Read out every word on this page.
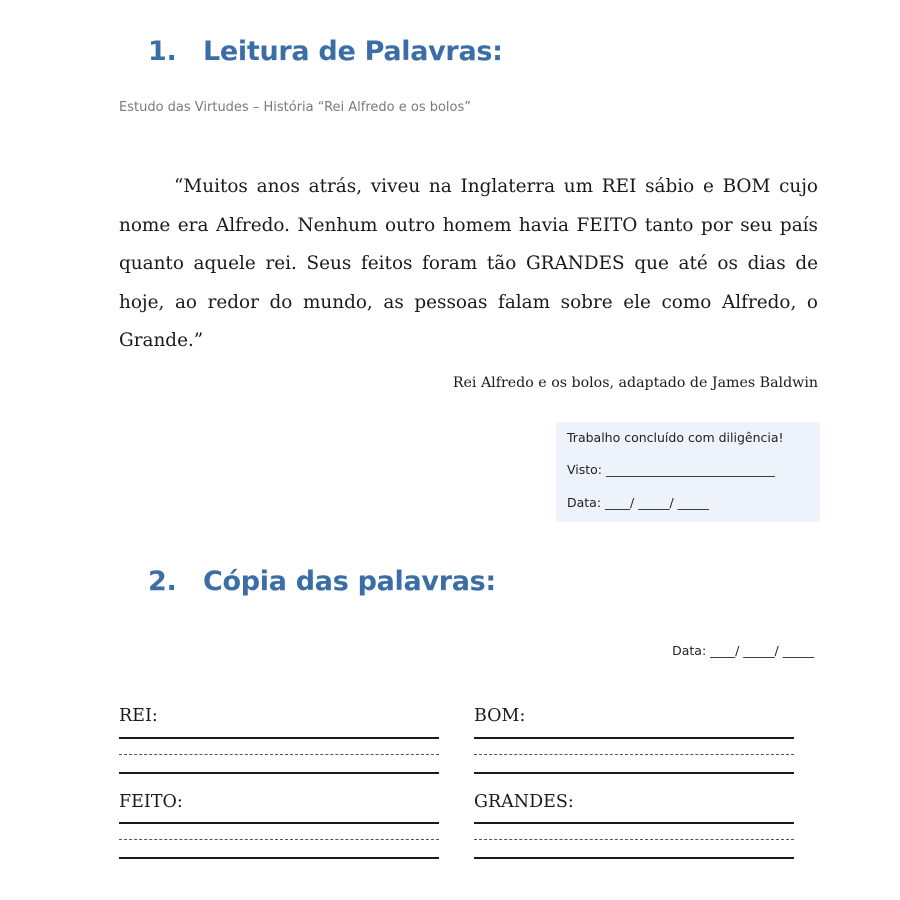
1. Leitura de Palavras:
Estudo das Virtudes – História “Rei Alfredo e os bolos”

“Muitos anos atrás, viveu na Inglaterra um REI sábio e BOM cujo nome era Alfredo. Nenhum outro homem havia FEITO tanto por seu país quanto aquele rei. Seus feitos foram tão GRANDES que até os dias de hoje, ao redor do mundo, as pessoas falam sobre ele como Alfredo, o Grande.”

Rei Alfredo e os bolos, adaptado de James Baldwin
Trabalho concluído com diligência!
Visto: ___________________________
Data: ____/ _____/ _____
2. Cópia das palavras:
Data: ____/ _____/ _____
REI:	BOM:
FEITO:	GRANDES:
